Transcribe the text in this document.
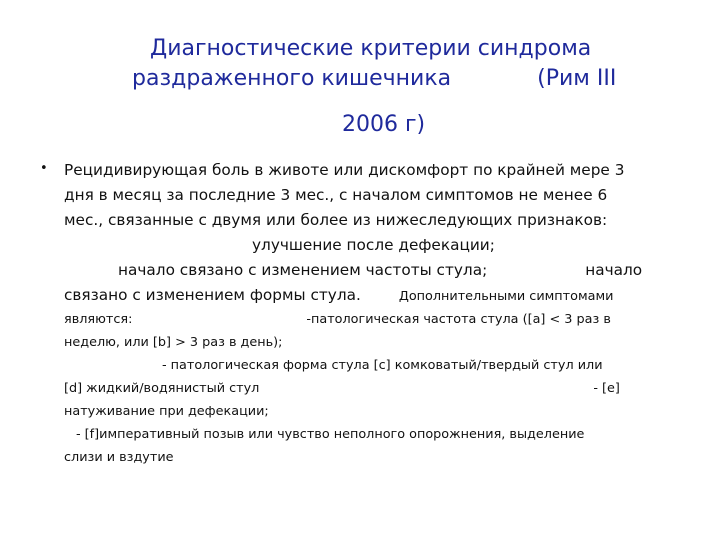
Диагностические критерии синдрома
раздраженного кишечника	(Рим III
2006 г)
• Рецидивирующая боль в животе или дискомфорт по крайней мере 3
дня в месяц за последние 3 мес., с началом симптомов не менее 6
мес., связанные с двумя или более из нижеследующих признаков:
улучшение после дефекации;
начало связано с изменением частоты стула;	начало
связано с изменением формы стула.	Дополнительными симптомами
являются:	-патологическая частота стула ([a] < 3 раз в
неделю, или [b] > 3 раз в день);
- патологическая форма стула [c] комковатый/твердый стул или
[d] жидкий/водянистый стул	- [e]
натуживание при дефекации;
- [f]императивный позыв или чувство неполного опорожнения, выделение
слизи и вздутие
